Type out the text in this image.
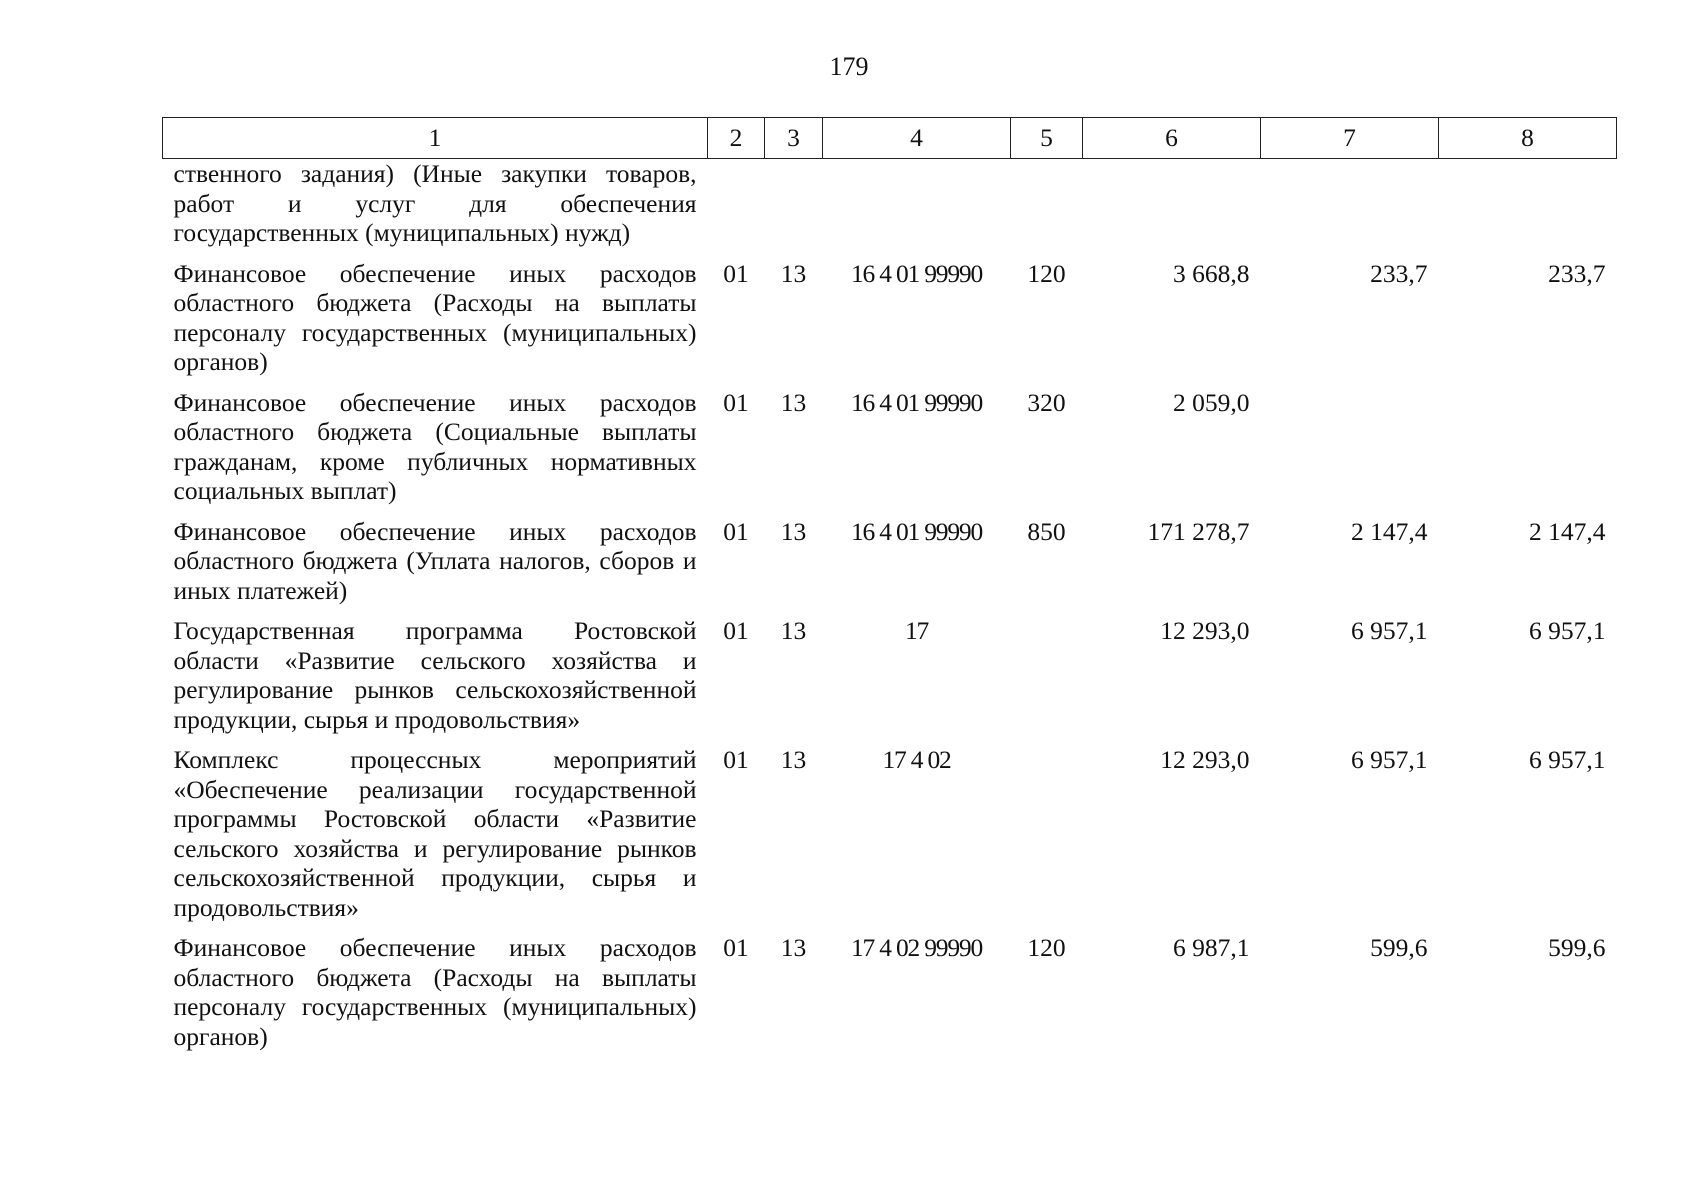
179
1	2	3	4	5	6	7	8
ственного задания) (Иные закупки товаров, работ и услуг для обеспечения государственных (муниципальных) нужд)							
Финансовое обеспечение иных расходов областного бюджета (Расходы на выплаты персоналу государственных (муниципальных) органов)	01	13	16 4 01 99990	120	3 668,8	233,7	233,7
Финансовое обеспечение иных расходов областного бюджета (Социальные выплаты гражданам, кроме публичных нормативных социальных выплат)	01	13	16 4 01 99990	320	2 059,0		
Финансовое обеспечение иных расходов областного бюджета (Уплата налогов, сборов и иных платежей)	01	13	16 4 01 99990	850	171 278,7	2 147,4	2 147,4
Государственная программа Ростовской области «Развитие сельского хозяйства и регулирование рынков сельскохозяйственной продукции, сырья и продовольствия»	01	13	17		12 293,0	6 957,1	6 957,1
Комплекс процессных мероприятий «Обеспечение реализации государственной программы Ростовской области «Развитие сельского хозяйства и регулирование рынков сельскохозяйственной продукции, сырья и продовольствия»	01	13	17 4 02		12 293,0	6 957,1	6 957,1
Финансовое обеспечение иных расходов областного бюджета (Расходы на выплаты персоналу государственных (муниципальных) органов)	01	13	17 4 02 99990	120	6 987,1	599,6	599,6
